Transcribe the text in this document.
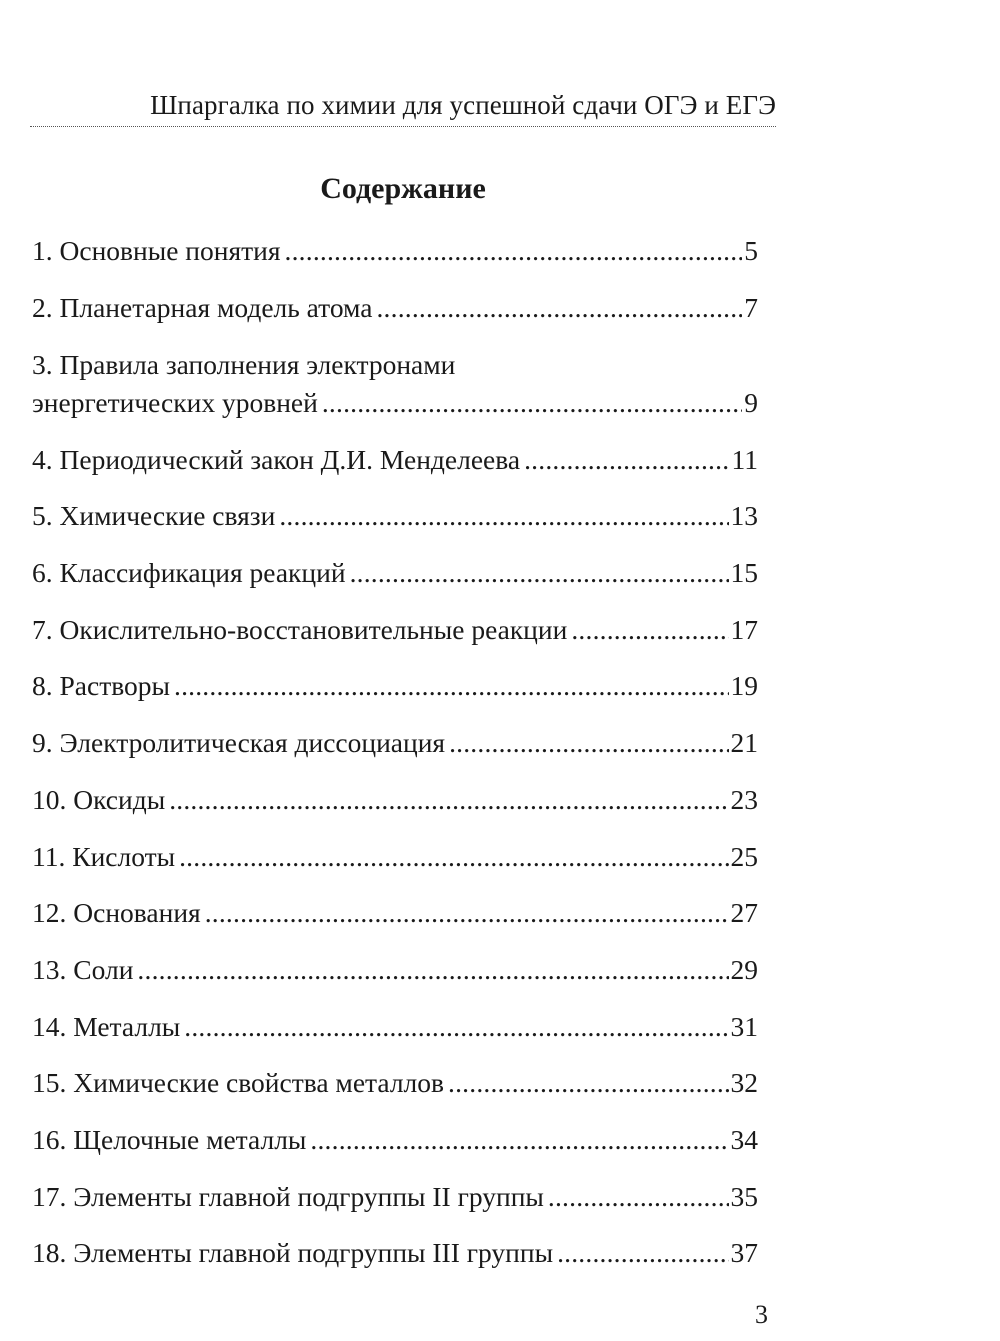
Шпаргалка по химии для успешной сдачи ОГЭ и ЕГЭ
Содержание
1. Основные понятия .....	5
2. Планетарная модель атома .....	7
3. Правила заполнения электронами
энергетических уровней .....	9
4. Периодический закон Д.И. Менделеева .....	11
5. Химические связи .....	13
6. Классификация реакций .....	15
7. Окислительно-восстановительные реакции .....	17
8. Растворы .....	19
9. Электролитическая диссоциация .....	21
10. Оксиды .....	23
11. Кислоты .....	25
12. Основания .....	27
13. Соли .....	29
14. Металлы .....	31
15. Химические свойства металлов .....	32
16. Щелочные металлы .....	34
17. Элементы главной подгруппы II группы .....	35
18. Элементы главной подгруппы III группы .....	37
3
